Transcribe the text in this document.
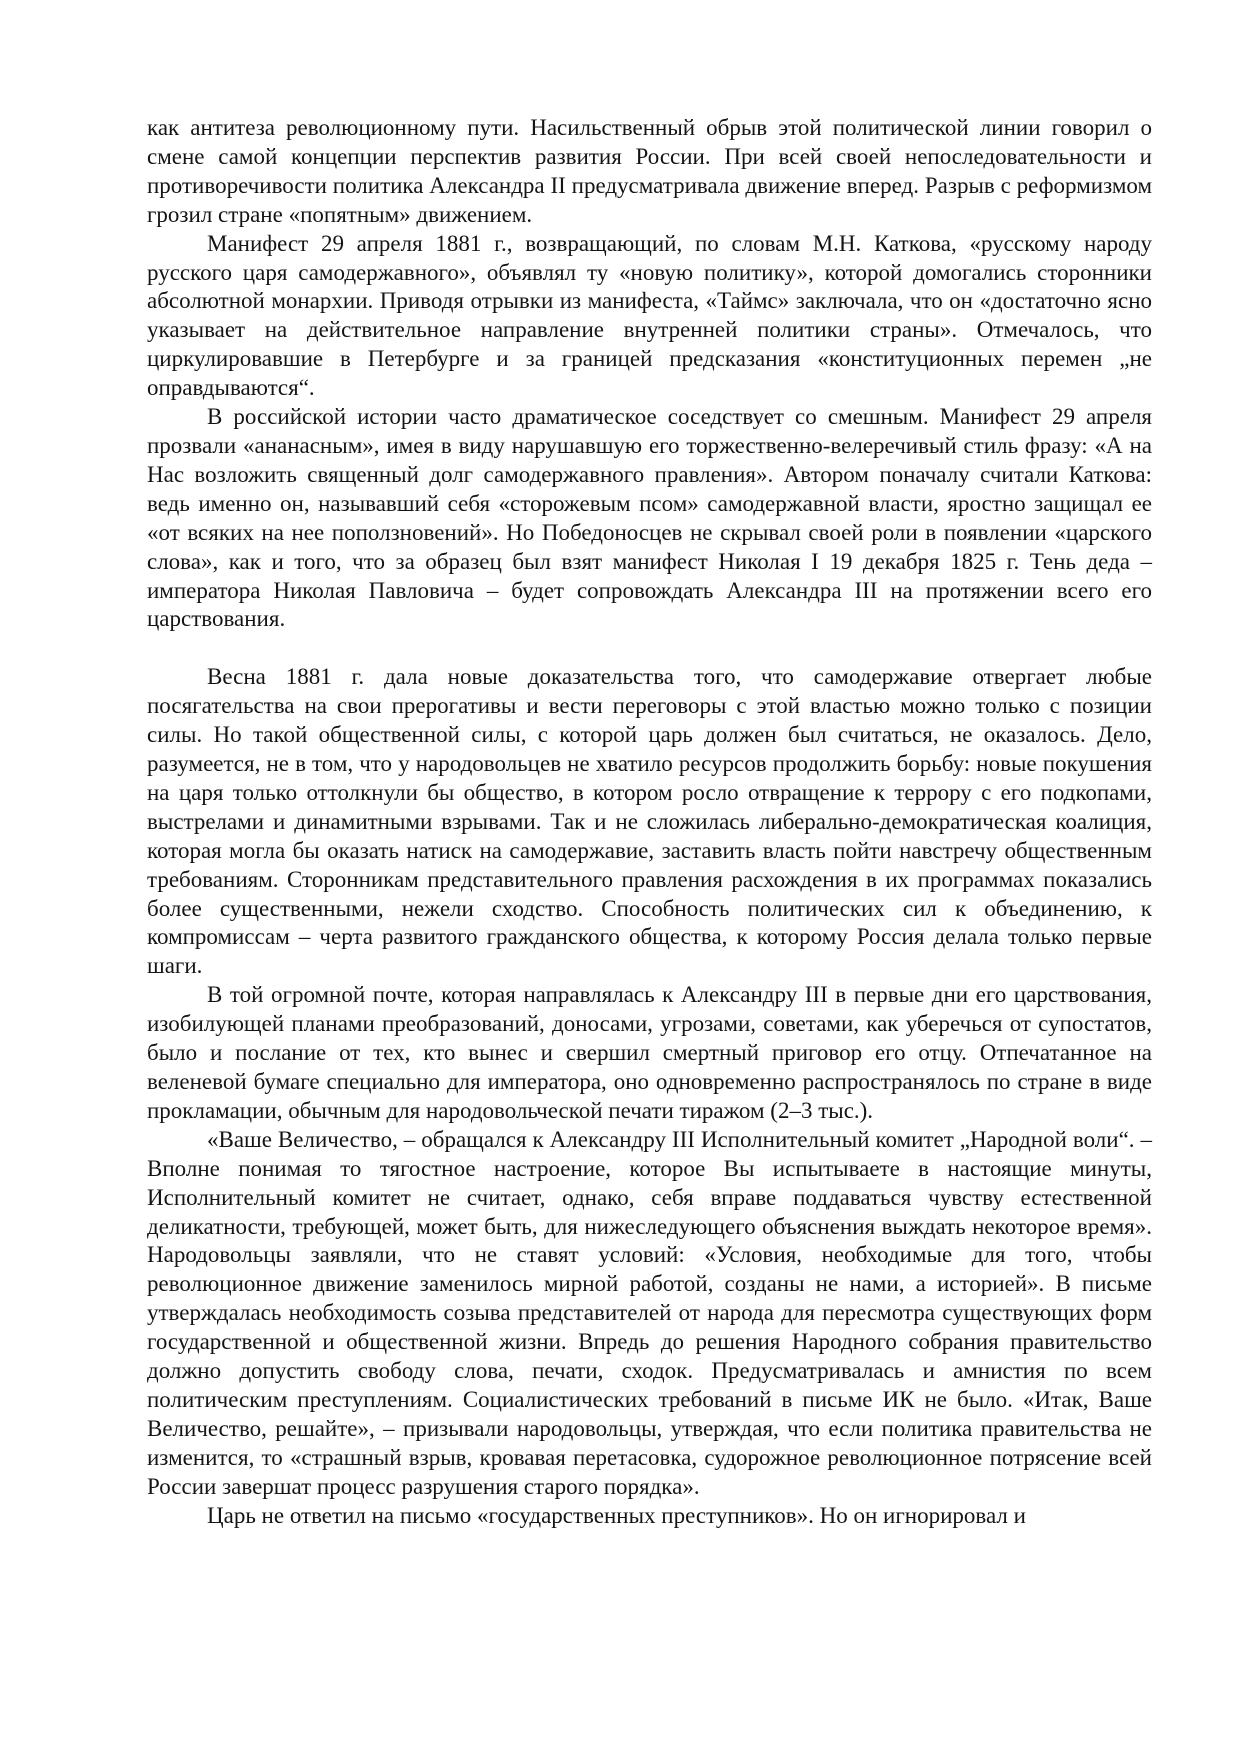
как антитеза революционному пути. Насильственный обрыв этой политической линии говорил о смене самой концепции перспектив развития России. При всей своей непоследовательности и противоречивости политика Александра II предусматривала движение вперед. Разрыв с реформизмом грозил стране «попятным» движением.

Манифест 29 апреля 1881 г., возвращающий, по словам М.Н. Каткова, «русскому народу русского царя самодержавного», объявлял ту «новую политику», которой домогались сторонники абсолютной монархии. Приводя отрывки из манифеста, «Таймс» заключала, что он «достаточно ясно указывает на действительное направление внутренней политики страны». Отмечалось, что циркулировавшие в Петербурге и за границей предсказания «конституционных перемен „не оправдываются“.

В российской истории часто драматическое соседствует со смешным. Манифест 29 апреля прозвали «ананасным», имея в виду нарушавшую его торжественно-велеречивый стиль фразу: «А на Нас возложить священный долг самодержавного правления». Автором поначалу считали Каткова: ведь именно он, называвший себя «сторожевым псом» самодержавной власти, яростно защищал ее «от всяких на нее поползновений». Но Победоносцев не скрывал своей роли в появлении «царского слова», как и того, что за образец был взят манифест Николая I 19 декабря 1825 г. Тень деда – императора Николая Павловича – будет сопровождать Александра III на протяжении всего его царствования.

Весна 1881 г. дала новые доказательства того, что самодержавие отвергает любые посягательства на свои прерогативы и вести переговоры с этой властью можно только с позиции силы. Но такой общественной силы, с которой царь должен был считаться, не оказалось. Дело, разумеется, не в том, что у народовольцев не хватило ресурсов продолжить борьбу: новые покушения на царя только оттолкнули бы общество, в котором росло отвращение к террору с его подкопами, выстрелами и динамитными взрывами. Так и не сложилась либерально-демократическая коалиция, которая могла бы оказать натиск на самодержавие, заставить власть пойти навстречу общественным требованиям. Сторонникам представительного правления расхождения в их программах показались более существенными, нежели сходство. Способность политических сил к объединению, к компромиссам – черта развитого гражданского общества, к которому Россия делала только первые шаги.

В той огромной почте, которая направлялась к Александру III в первые дни его царствования, изобилующей планами преобразований, доносами, угрозами, советами, как уберечься от супостатов, было и послание от тех, кто вынес и свершил смертный приговор его отцу. Отпечатанное на веленевой бумаге специально для императора, оно одновременно распространялось по стране в виде прокламации, обычным для народовольческой печати тиражом (2–3 тыс.).

«Ваше Величество, – обращался к Александру III Исполнительный комитет „Народной воли“. – Вполне понимая то тягостное настроение, которое Вы испытываете в настоящие минуты, Исполнительный комитет не считает, однако, себя вправе поддаваться чувству естественной деликатности, требующей, может быть, для нижеследующего объяснения выждать некоторое время». Народовольцы заявляли, что не ставят условий: «Условия, необходимые для того, чтобы революционное движение заменилось мирной работой, созданы не нами, а историей». В письме утверждалась необходимость созыва представителей от народа для пересмотра существующих форм государственной и общественной жизни. Впредь до решения Народного собрания правительство должно допустить свободу слова, печати, сходок. Предусматривалась и амнистия по всем политическим преступлениям. Социалистических требований в письме ИК не было. «Итак, Ваше Величество, решайте», – призывали народовольцы, утверждая, что если политика правительства не изменится, то «страшный взрыв, кровавая перетасовка, судорожное революционное потрясение всей России завершат процесс разрушения старого порядка».

Царь не ответил на письмо «государственных преступников». Но он игнорировал и
